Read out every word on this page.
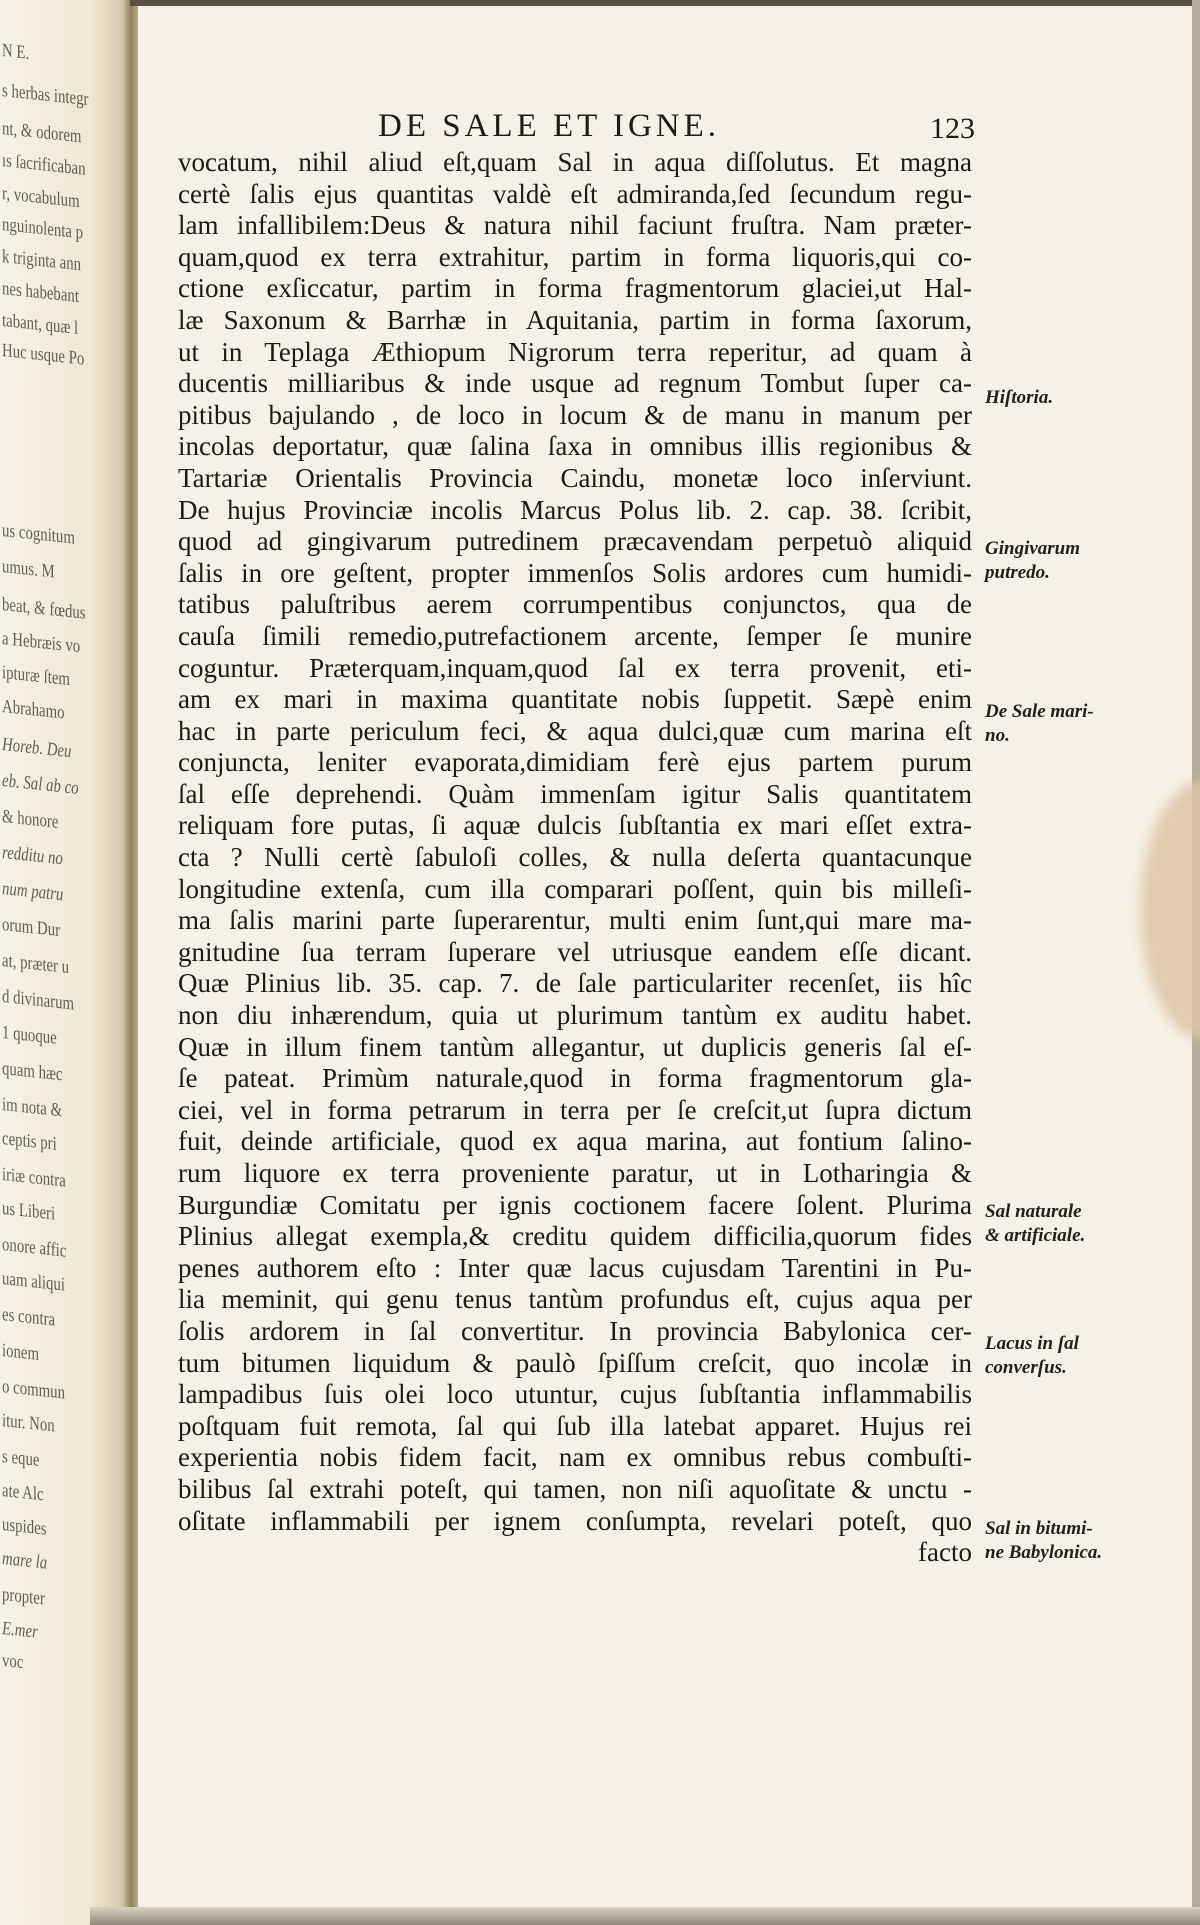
N E.
s herbas integr
nt, & odorem
ıs ſacrificaban
r, vocabulum
nguinolenta p
k triginta ann
nes habebant
tabant, quæ l
Huc usque Po
us cognitum
umus. M
beat, & fœdus
a Hebræis vo
ipturæ ſtem
Abrahamo
Horeb. Deu
eb. Sal ab co
& honore
redditu no
num patru
orum Dur
at, præter u
d divinarum
1 quoque
quam hæc
im nota &
ceptis pri
iriæ contra
us Liberi
onore affic
uam aliqui
es contra
ionem
o commun
itur. Non
s eque
ate Alc
uspides
mare la
propter
E.mer
voc
DE SALE ET IGNE.	123
vocatum, nihil aliud eſt,quam Sal in aqua diſſolutus. Et magna
certè ſalis ejus quantitas valdè eſt admiranda,ſed ſecundum regu-
lam infallibilem:Deus & natura nihil faciunt fruſtra. Nam præter-
quam,quod ex terra extrahitur, partim in forma liquoris,qui co-
ctione exſiccatur, partim in forma fragmentorum glaciei,ut Hal-
læ Saxonum & Barrhæ in Aquitania, partim in forma ſaxorum,
ut in Teplaga Æthiopum Nigrorum terra reperitur, ad quam à
ducentis milliaribus & inde usque ad regnum Tombut ſuper ca-
pitibus bajulando , de loco in locum & de manu in manum per
incolas deportatur, quæ ſalina ſaxa in omnibus illis regionibus &
Tartariæ Orientalis Provincia Caindu, monetæ loco inſerviunt.
De hujus Provinciæ incolis Marcus Polus lib. 2. cap. 38. ſcribit,
quod ad gingivarum putredinem præcavendam perpetuò aliquid
ſalis in ore geſtent, propter immenſos Solis ardores cum humidi-
tatibus paluſtribus aerem corrumpentibus conjunctos, qua de
cauſa ſimili remedio,putrefactionem arcente, ſemper ſe munire
coguntur. Præterquam,inquam,quod ſal ex terra provenit, eti-
am ex mari in maxima quantitate nobis ſuppetit. Sæpè enim
hac in parte periculum feci, & aqua dulci,quæ cum marina eſt
conjuncta, leniter evaporata,dimidiam ferè ejus partem purum
ſal eſſe deprehendi. Quàm immenſam igitur Salis quantitatem
reliquam fore putas, ſi aquæ dulcis ſubſtantia ex mari eſſet extra-
cta ? Nulli certè ſabuloſi colles, & nulla deſerta quantacunque
longitudine extenſa, cum illa comparari poſſent, quin bis milleſi-
ma ſalis marini parte ſuperarentur, multi enim ſunt,qui mare ma-
gnitudine ſua terram ſuperare vel utriusque eandem eſſe dicant.
Quæ Plinius lib. 35. cap. 7. de ſale particulariter recenſet, iis hîc
non diu inhærendum, quia ut plurimum tantùm ex auditu habet.
Quæ in illum finem tantùm allegantur, ut duplicis generis ſal eſ-
ſe pateat. Primùm naturale,quod in forma fragmentorum gla-
ciei, vel in forma petrarum in terra per ſe creſcit,ut ſupra dictum
fuit, deinde artificiale, quod ex aqua marina, aut fontium ſalino-
rum liquore ex terra provenientе paratur, ut in Lotharingia &
Burgundiæ Comitatu per ignis coctionem facere ſolent. Plurima
Plinius allegat exempla,& creditu quidem difficilia,quorum fides
penes authorem eſto : Inter quæ lacus cujusdam Tarentini in Pu-
lia meminit, qui genu tenus tantùm profundus eſt, cujus aqua per
ſolis ardorem in ſal convertitur. In provincia Babylonica cer-
tum bitumen liquidum & paulò ſpiſſum creſcit, quo incolæ in
lampadibus ſuis olei loco utuntur, cujus ſubſtantia inflammabilis
poſtquam fuit remota, ſal qui ſub illa latebat apparet. Hujus rei
experientia nobis fidem facit, nam ex omnibus rebus combuſti-
bilibus ſal extrahi poteſt, qui tamen, non niſi aquoſitate & unctu -
oſitate inflammabili per ignem conſumpta, revelari poteſt, quo
facto
Hiſtoria.
Gingivarum
putredo.
De Sale mari-
no.
Sal naturale
& artificiale.
Lacus in ſal
converſus.
Sal in bitumi-
ne Babylonica.
